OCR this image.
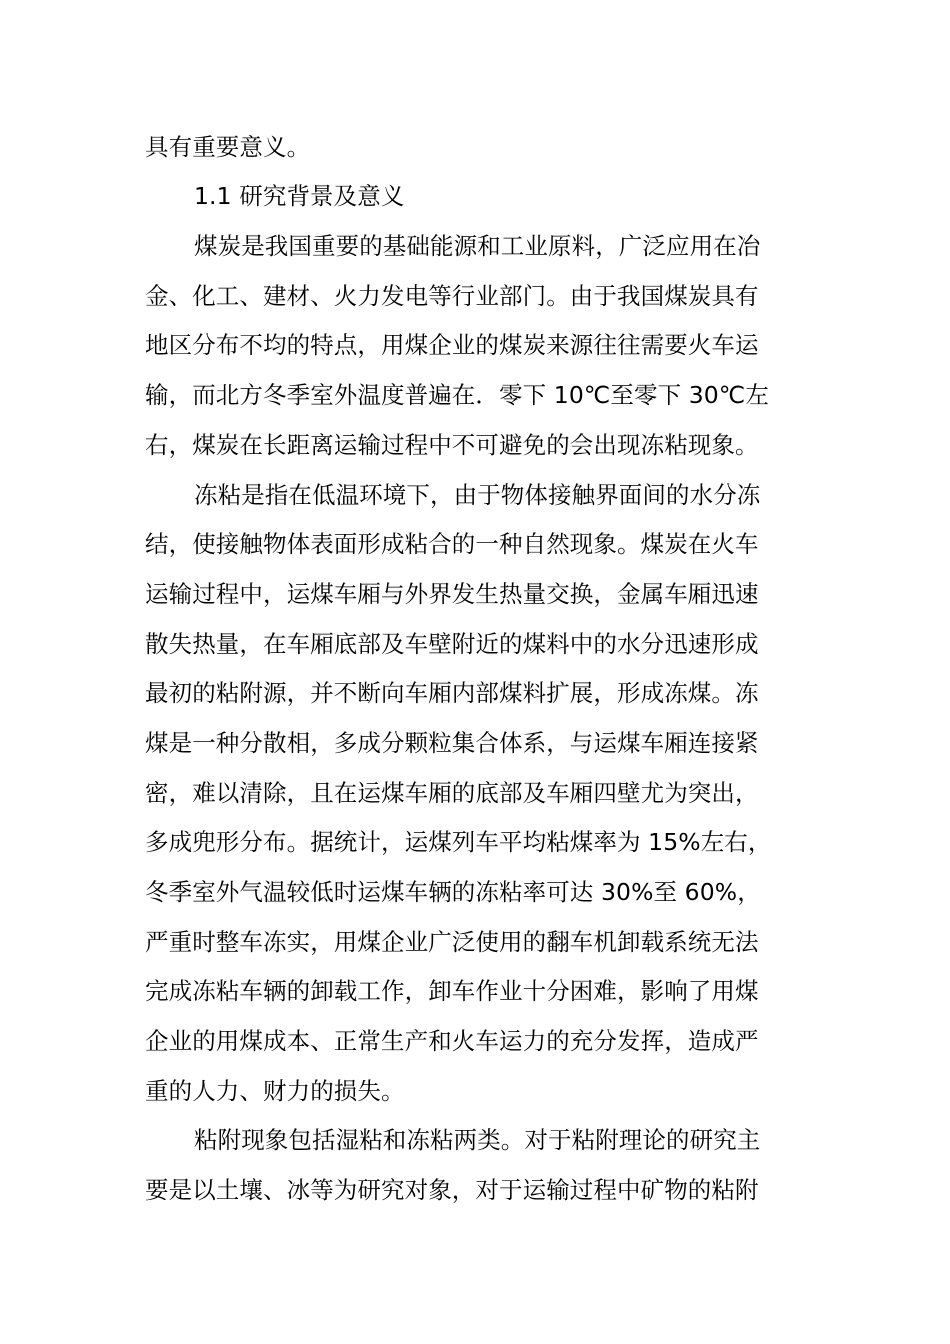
具有重要意义。
1.1 研究背景及意义
煤炭是我国重要的基础能源和工业原料，广泛应用在冶
金、化工、建材、火力发电等行业部门。由于我国煤炭具有
地区分布不均的特点，用煤企业的煤炭来源往往需要火车运
输，而北方冬季室外温度普遍在．零下 10℃至零下 30℃左
右，煤炭在长距离运输过程中不可避免的会出现冻粘现象。
冻粘是指在低温环境下，由于物体接触界面间的水分冻
结，使接触物体表面形成粘合的一种自然现象。煤炭在火车
运输过程中，运煤车厢与外界发生热量交换，金属车厢迅速
散失热量，在车厢底部及车壁附近的煤料中的水分迅速形成
最初的粘附源，并不断向车厢内部煤料扩展，形成冻煤。冻
煤是一种分散相，多成分颗粒集合体系，与运煤车厢连接紧
密，难以清除，且在运煤车厢的底部及车厢四壁尤为突出，
多成兜形分布。据统计，运煤列车平均粘煤率为 15%左右，
冬季室外气温较低时运煤车辆的冻粘率可达 30%至 60%，
严重时整车冻实，用煤企业广泛使用的翻车机卸载系统无法
完成冻粘车辆的卸载工作，卸车作业十分困难，影响了用煤
企业的用煤成本、正常生产和火车运力的充分发挥，造成严
重的人力、财力的损失。
粘附现象包括湿粘和冻粘两类。对于粘附理论的研究主
要是以土壤、冰等为研究对象，对于运输过程中矿物的粘附
